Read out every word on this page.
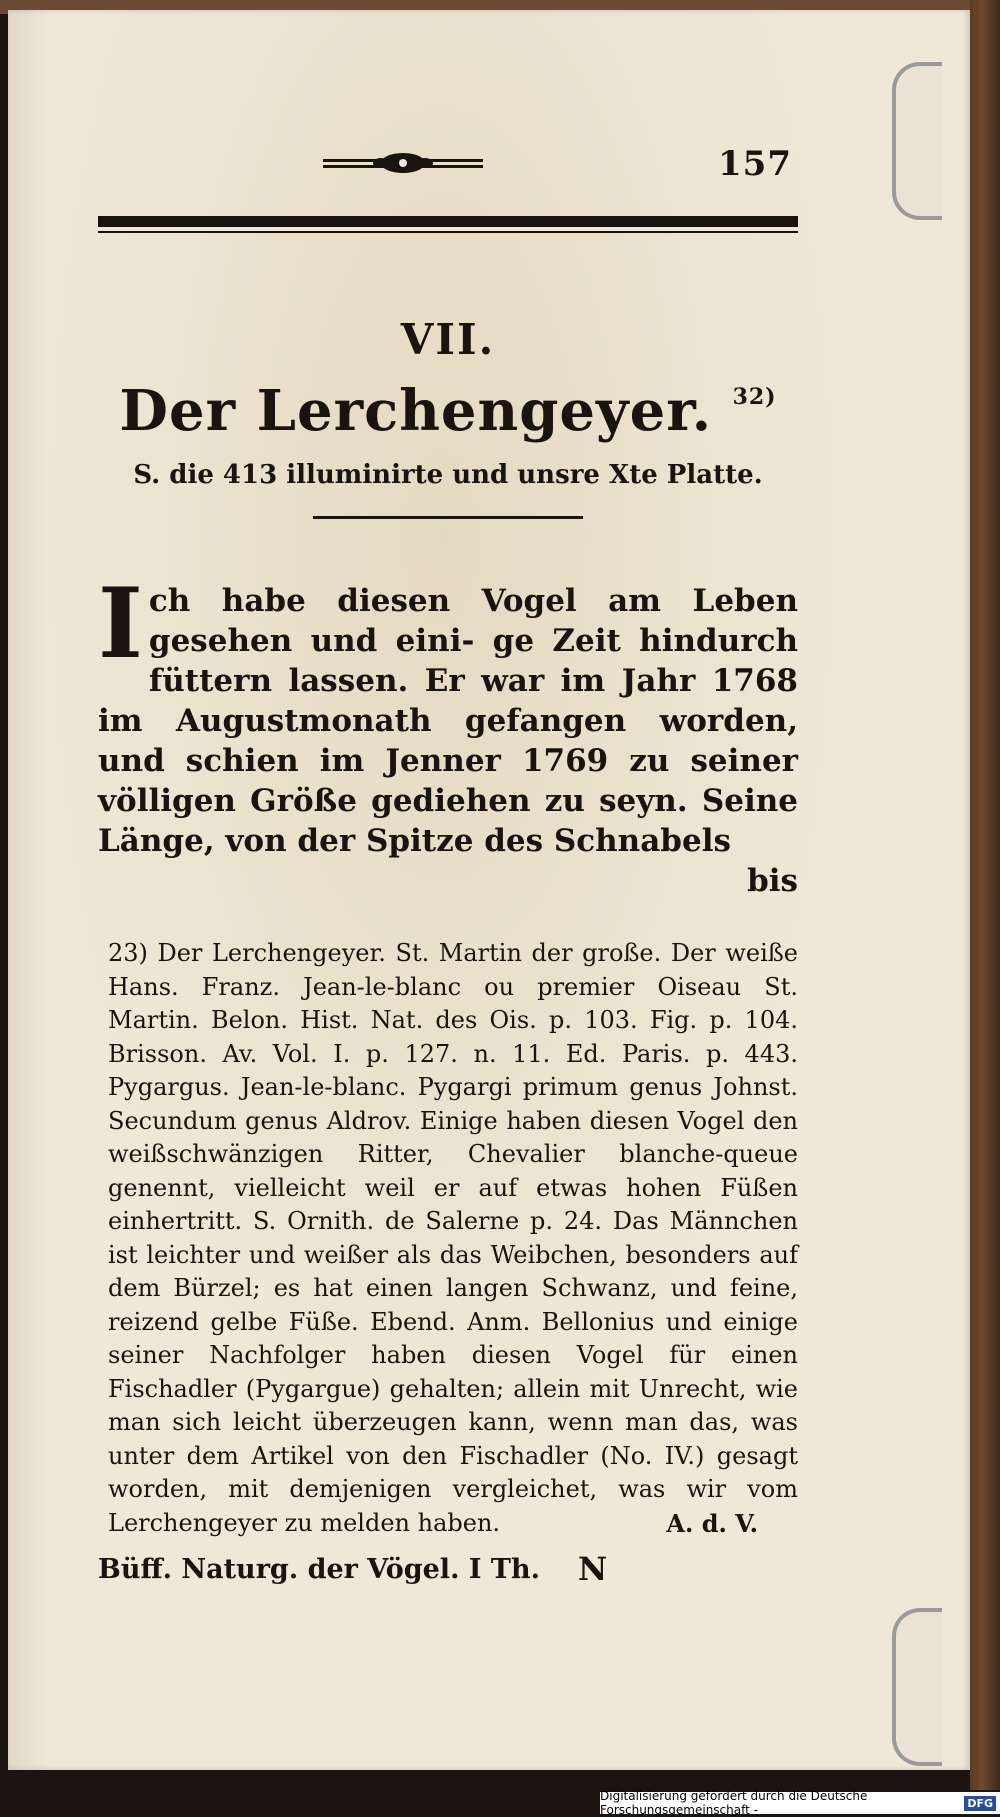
157
VII.
Der Lerchengeyer. $^{32)}$
S. die 413 illuminirte und unsre Xte Platte.
I ch habe diesen Vogel am Leben gesehen und eini- ge Zeit hindurch füttern lassen. Er war im Jahr 1768 im Augustmonath gefangen worden, und schien im Jenner 1769 zu seiner völligen Größe gediehen zu seyn. Seine Länge, von der Spitze des Schnabels
bis
23) Der Lerchengeyer. St. Martin der große. Der weiße Hans. Franz. Jean-le-blanc ou premier Oiseau St. Martin. Belon. Hist. Nat. des Ois. p. 103. Fig. p. 104. Brisson. Av. Vol. I. p. 127. n. 11. Ed. Paris. p. 443. Pygargus. Jean-le-blanc. Pygargi primum genus Johnst. Secundum genus Aldrov. Einige haben diesen Vogel den weißschwänzigen Ritter, Chevalier blanche-queue genennt, vielleicht weil er auf etwas hohen Füßen einhertritt. S. Ornith. de Salerne p. 24. Das Männchen ist leichter und weißer als das Weibchen, besonders auf dem Bürzel; es hat einen langen Schwanz, und feine, reizend gelbe Füße. Ebend. Anm. Bellonius und einige seiner Nachfolger haben diesen Vogel für einen Fischadler (Pygargue) gehalten; allein mit Unrecht, wie man sich leicht überzeugen kann, wenn man das, was unter dem Artikel von den Fischadler (No. IV.) gesagt worden, mit demjenigen vergleichet, was wir vom Lerchengeyer zu melden haben.	A. d. V.
Büff. Naturg. der Vögel. I Th. N
Digitalisierung gefördert durch die Deutsche Forschungsgemeinschaft -	DFG
